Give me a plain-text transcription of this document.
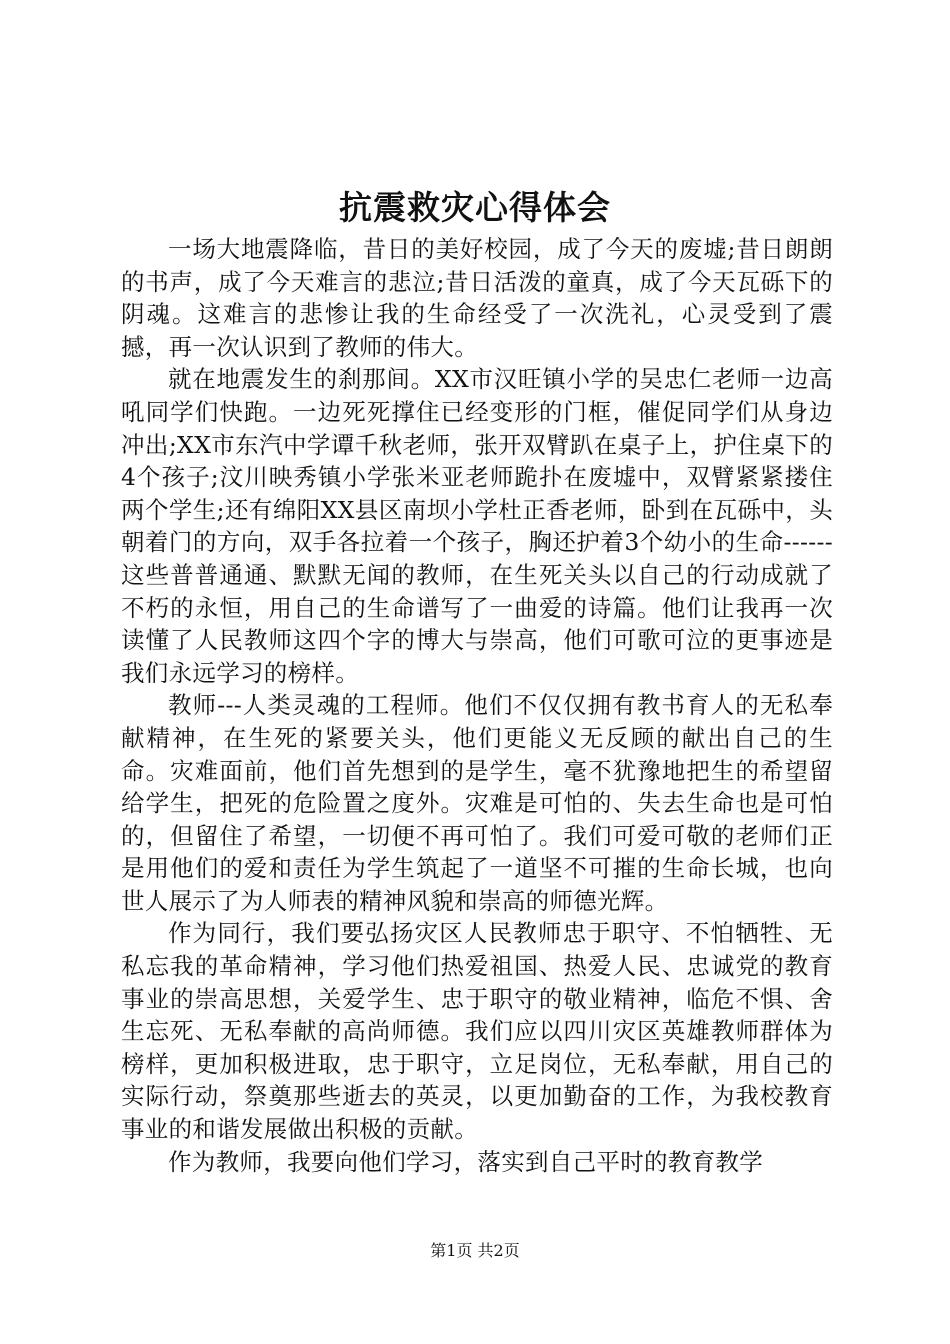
抗震救灾心得体会

一场大地震降临，昔日的美好校园，成了今天的废墟;昔日朗朗的书声，成了今天难言的悲泣;昔日活泼的童真，成了今天瓦砾下的阴魂。这难言的悲惨让我的生命经受了一次洗礼，心灵受到了震撼，再一次认识到了教师的伟大。

就在地震发生的刹那间。XX市汉旺镇小学的吴忠仁老师一边高吼同学们快跑。一边死死撑住已经变形的门框，催促同学们从身边冲出;XX市东汽中学谭千秋老师，张开双臂趴在桌子上，护住桌下的4个孩子;汶川映秀镇小学张米亚老师跪扑在废墟中，双臂紧紧搂住两个学生;还有绵阳XX县区南坝小学杜正香老师，卧到在瓦砾中，头朝着门的方向，双手各拉着一个孩子，胸还护着3个幼小的生命------这些普普通通、默默无闻的教师，在生死关头以自己的行动成就了不朽的永恒，用自己的生命谱写了一曲爱的诗篇。他们让我再一次读懂了人民教师这四个字的博大与崇高，他们可歌可泣的更事迹是我们永远学习的榜样。

教师---人类灵魂的工程师。他们不仅仅拥有教书育人的无私奉献精神，在生死的紧要关头，他们更能义无反顾的献出自己的生命。灾难面前，他们首先想到的是学生，毫不犹豫地把生的希望留给学生，把死的危险置之度外。灾难是可怕的、失去生命也是可怕的，但留住了希望，一切便不再可怕了。我们可爱可敬的老师们正是用他们的爱和责任为学生筑起了一道坚不可摧的生命长城，也向世人展示了为人师表的精神风貌和崇高的师德光辉。

作为同行，我们要弘扬灾区人民教师忠于职守、不怕牺牲、无私忘我的革命精神，学习他们热爱祖国、热爱人民、忠诚党的教育事业的崇高思想，关爱学生、忠于职守的敬业精神，临危不惧、舍生忘死、无私奉献的高尚师德。我们应以四川灾区英雄教师群体为榜样，更加积极进取，忠于职守，立足岗位，无私奉献，用自己的实际行动，祭奠那些逝去的英灵，以更加勤奋的工作，为我校教育事业的和谐发展做出积极的贡献。

作为教师，我要向他们学习，落实到自己平时的教育教学

第1页 共2页
